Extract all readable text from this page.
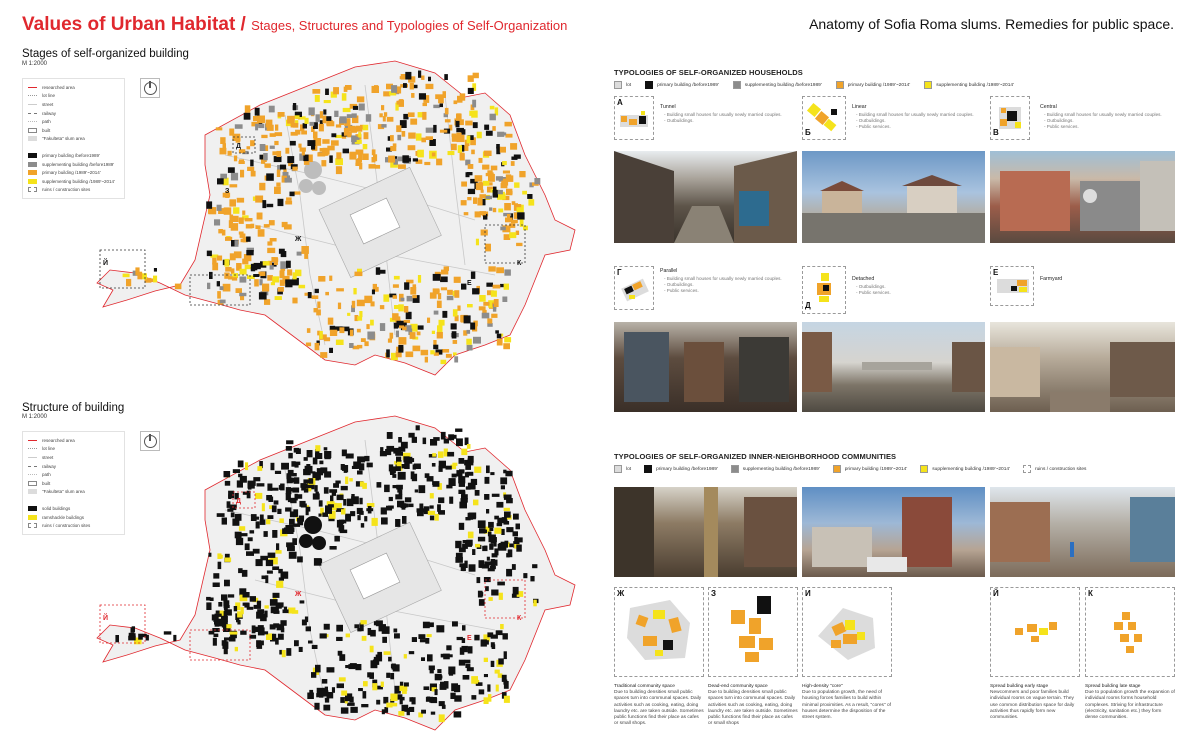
Values of Urban Habitat / Stages, Structures and Typologies of Self-Organization	Anatomy of Sofia Roma slums. Remedies for public space.
Stages of self-organized building
M 1:2000
researched area
lot line
street
railway
path
built
"Fakulteta" slum area
primary building /before1989'
supplementing building /before1989'
primary building /1989'~2014'
supplementing building /1989'~2014'
ruins / construction sites
Д
З
Й
Ж
Е
К
Structure of building
M 1:2000
researched area
lot line
street
railway
path
built
"Fakulteta" slum area
solid buildings
ramshackle buildings
ruins / construction sites
Д
Й
Ж
Е
К
TYPOLOGIES OF SELF-ORGANIZED HOUSEHOLDS
lot	primary building /before1989'	supplementing building /before1989'	primary building /1989'~2014'	supplementing building /1989'~2014'
А	Tunnel
- Building small houses for usually newly married couples.
- Outbuildings.
Б
Linear
- Building small houses for usually newly married couples.
- Outbuildings.
- Public services.
В
Central
- Building small houses for usually newly married couples.
- Outbuildings.
- Public services.
Г	Parallel
- Building small houses for usually newly married couples.
- Outbuildings.
- Public services.
Д
Detached
- Outbuildings.
- Public services.
Е
Farmyard
TYPOLOGIES OF SELF-ORGANIZED INNER-NEIGHBORHOOD COMMUNITIES
lot	primary building /before1989'	supplementing building /before1989'	primary building /1989'~2014'	supplementing building /1989'~2014'	ruins / construction sites
Ж	З	И	Й	К
Traditional community space
Due to building densities small public spaces turn into communal spaces. Daily activities such as cooking, eating, doing laundry etc. are taken outside. Sometimes public functions find their place as cafes or small shops.
Dead-end community space
Due to building densities small public spaces turn into communal spaces. Daily activities such as cooking, eating, doing laundry etc. are taken outside. Sometimes public functions find their place as cafes or small shops
High-density "core"
Due to population growth, the need of housing forces families to build within minimal proximities. As a result, "cores" of houses determine the disposition of the street system.
Spread building early stage
Newcommers and poor families build individual rooms on vague terrain. They use common distribution space for daily activities thus rapidly form new communities.
Spread building late stage
Due to population growth the expansion of individual rooms forms household complexes. Striving for infrastructure (electricity, sanitation etc.) they form dense communities.
